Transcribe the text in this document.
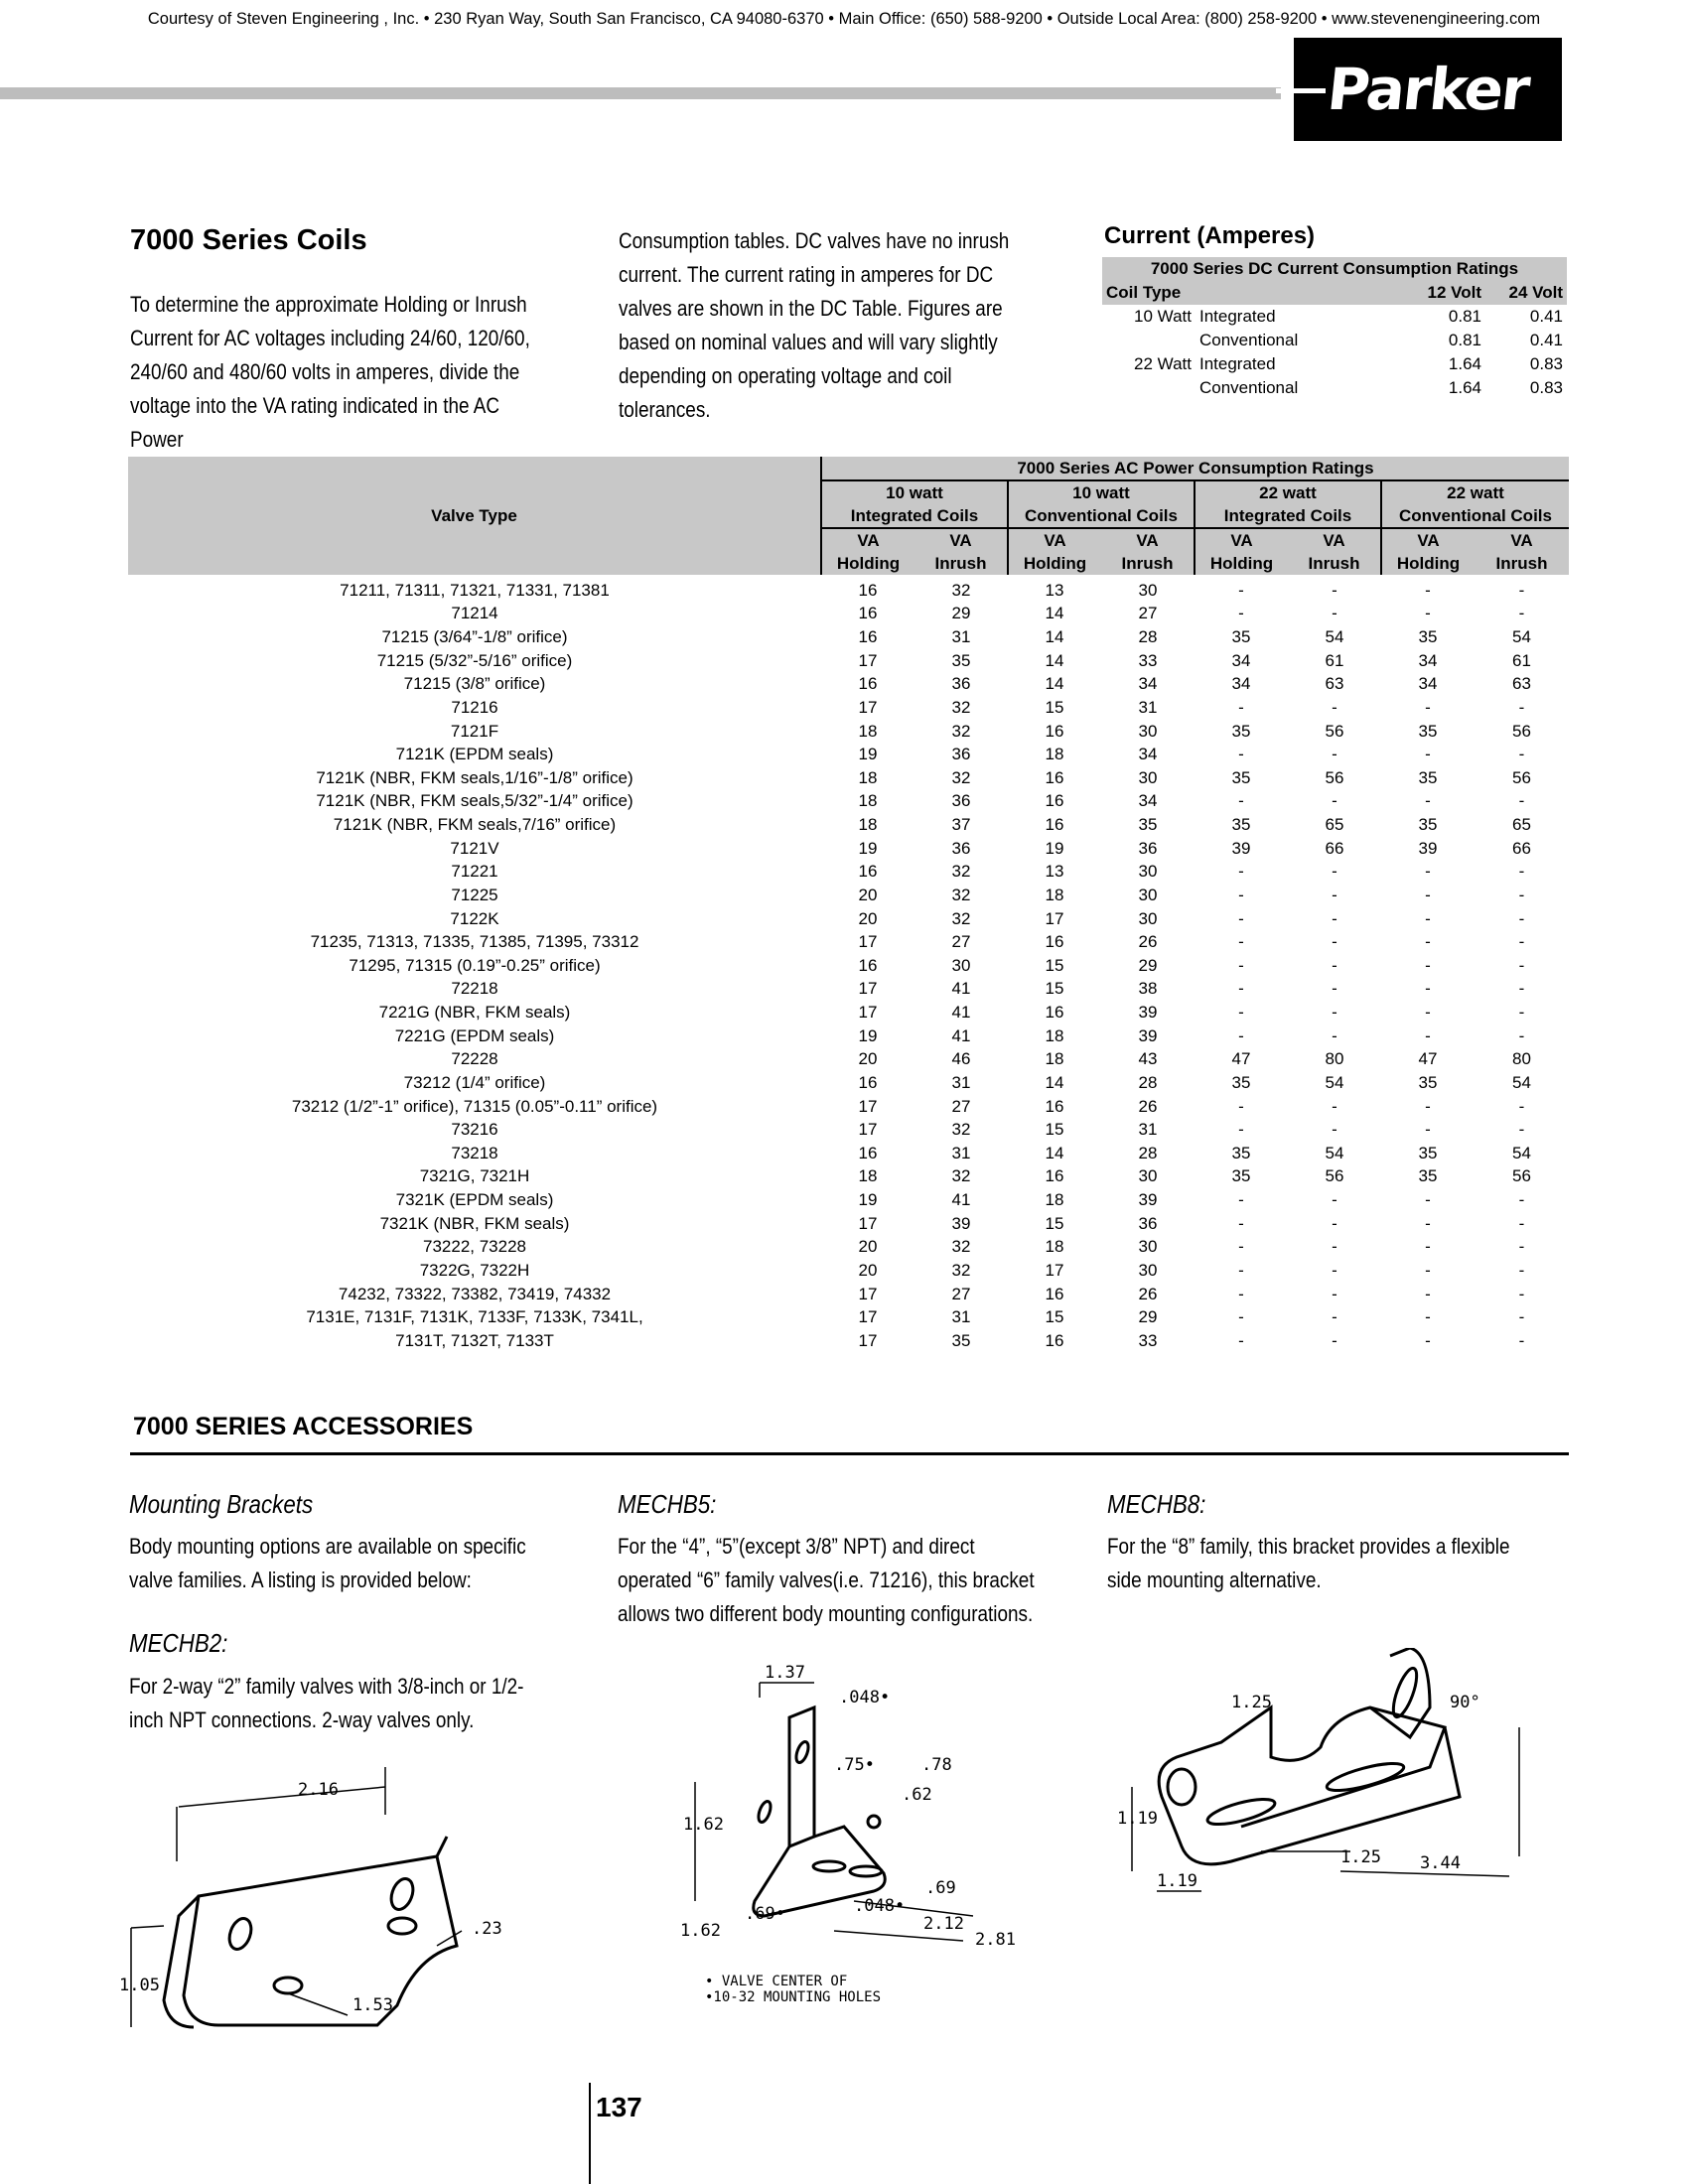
Courtesy of Steven Engineering , Inc. • 230 Ryan Way, South San Francisco, CA 94080-6370 • Main Office: (650) 588-9200 • Outside Local Area: (800) 258-9200 • www.stevenengineering.com
Parker
7000 Series Coils
To determine the approximate Holding or Inrush Current for AC voltages including 24/60, 120/60, 240/60 and 480/60 volts in amperes, divide the voltage into the VA rating indicated in the AC Power
Consumption tables. DC valves have no inrush current. The current rating in amperes for DC valves are shown in the DC Table. Figures are based on nominal values and will vary slightly depending on operating voltage and coil tolerances.
Current (Amperes)
7000 Series DC Current Consumption Ratings			
Coil Type		12 Volt	24 Volt
10 Watt	Integrated	0.81	0.41
	Conventional	0.81	0.41
22 Watt	Integrated	1.64	0.83
	Conventional	1.64	0.83
Valve Type	7000 Series AC Power Consumption Ratings							
	10 watt		10 watt		22 watt		22 watt	
	Integrated Coils		Conventional Coils		Integrated Coils		Conventional Coils	
	VA	VA	VA	VA	VA	VA	VA	VA
	Holding	Inrush	Holding	Inrush	Holding	Inrush	Holding	Inrush
71211, 71311, 71321, 71331, 71381	16	32	13	30	-	-	-	-
71214	16	29	14	27	-	-	-	-
71215 (3/64”-1/8” orifice)	16	31	14	28	35	54	35	54
71215 (5/32”-5/16” orifice)	17	35	14	33	34	61	34	61
71215 (3/8” orifice)	16	36	14	34	34	63	34	63
71216	17	32	15	31	-	-	-	-
7121F	18	32	16	30	35	56	35	56
7121K (EPDM seals)	19	36	18	34	-	-	-	-
7121K (NBR, FKM seals,1/16”-1/8” orifice)	18	32	16	30	35	56	35	56
7121K (NBR, FKM seals,5/32”-1/4” orifice)	18	36	16	34	-	-	-	-
7121K (NBR, FKM seals,7/16” orifice)	18	37	16	35	35	65	35	65
7121V	19	36	19	36	39	66	39	66
71221	16	32	13	30	-	-	-	-
71225	20	32	18	30	-	-	-	-
7122K	20	32	17	30	-	-	-	-
71235, 71313, 71335, 71385, 71395, 73312	17	27	16	26	-	-	-	-
71295, 71315 (0.19”-0.25” orifice)	16	30	15	29	-	-	-	-
72218	17	41	15	38	-	-	-	-
7221G (NBR, FKM seals)	17	41	16	39	-	-	-	-
7221G (EPDM seals)	19	41	18	39	-	-	-	-
72228	20	46	18	43	47	80	47	80
73212 (1/4” orifice)	16	31	14	28	35	54	35	54
73212 (1/2”-1” orifice), 71315 (0.05”-0.11” orifice)	17	27	16	26	-	-	-	-
73216	17	32	15	31	-	-	-	-
73218	16	31	14	28	35	54	35	54
7321G, 7321H	18	32	16	30	35	56	35	56
7321K (EPDM seals)	19	41	18	39	-	-	-	-
7321K (NBR, FKM seals)	17	39	15	36	-	-	-	-
73222, 73228	20	32	18	30	-	-	-	-
7322G, 7322H	20	32	17	30	-	-	-	-
74232, 73322, 73382, 73419, 74332	17	27	16	26	-	-	-	-
7131E, 7131F, 7131K, 7133F, 7133K, 7341L,	17	31	15	29	-	-	-	-
7131T, 7132T, 7133T	17	35	16	33	-	-	-	-
7000 SERIES ACCESSORIES
Mounting Brackets
Body mounting options are available on specific valve families. A listing is provided below:
MECHB2:
For 2-way “2” family valves with 3/8-inch or 1/2-inch NPT connections. 2-way valves only.
MECHB5:
For the “4”, “5”(except 3/8” NPT) and direct operated “6” family valves(i.e. 71216), this bracket allows two different body mounting configurations.
MECHB8:
For the “8” family, this bracket provides a flexible side mounting alternative.
2.16
.23
1.05
1.53
1.37
.048•
.75•	.78
.62
1.62
.69
.69•	.048•
1.62	2.12
2.81
• VALVE CENTER OF
•10-32 MOUNTING HOLES
1.25	90°
1.19
1.25 3.44
1.19
137
